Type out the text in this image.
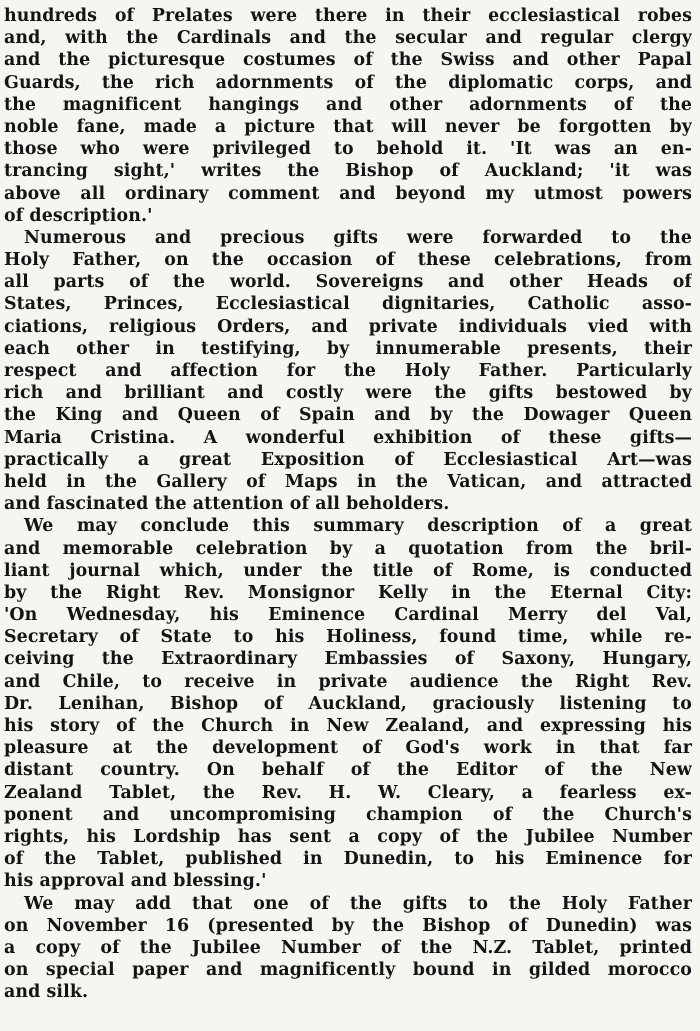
hundreds of Prelates were there in their ecclesiastical robes
and, with the Cardinals and the secular and regular clergy
and the picturesque costumes of the Swiss and other Papal
Guards, the rich adornments of the diplomatic corps, and
the magnificent hangings and other adornments of the
noble fane, made a picture that will never be forgotten by
those who were privileged to behold it. 'It was an en-
trancing sight,' writes the Bishop of Auckland; 'it was
above all ordinary comment and beyond my utmost powers
of description.'
Numerous and precious gifts were forwarded to the
Holy Father, on the occasion of these celebrations, from
all parts of the world. Sovereigns and other Heads of
States, Princes, Ecclesiastical dignitaries, Catholic asso-
ciations, religious Orders, and private individuals vied with
each other in testifying, by innumerable presents, their
respect and affection for the Holy Father. Particularly
rich and brilliant and costly were the gifts bestowed by
the King and Queen of Spain and by the Dowager Queen
Maria Cristina. A wonderful exhibition of these gifts—
practically a great Exposition of Ecclesiastical Art—was
held in the Gallery of Maps in the Vatican, and attracted
and fascinated the attention of all beholders.
We may conclude this summary description of a great
and memorable celebration by a quotation from the bril-
liant journal which, under the title of Rome, is conducted
by the Right Rev. Monsignor Kelly in the Eternal City:
'On Wednesday, his Eminence Cardinal Merry del Val,
Secretary of State to his Holiness, found time, while re-
ceiving the Extraordinary Embassies of Saxony, Hungary,
and Chile, to receive in private audience the Right Rev.
Dr. Lenihan, Bishop of Auckland, graciously listening to
his story of the Church in New Zealand, and expressing his
pleasure at the development of God's work in that far
distant country. On behalf of the Editor of the New
Zealand Tablet, the Rev. H. W. Cleary, a fearless ex-
ponent and uncompromising champion of the Church's
rights, his Lordship has sent a copy of the Jubilee Number
of the Tablet, published in Dunedin, to his Eminence for
his approval and blessing.'
We may add that one of the gifts to the Holy Father
on November 16 (presented by the Bishop of Dunedin) was
a copy of the Jubilee Number of the N.Z. Tablet, printed
on special paper and magnificently bound in gilded morocco
and silk.
